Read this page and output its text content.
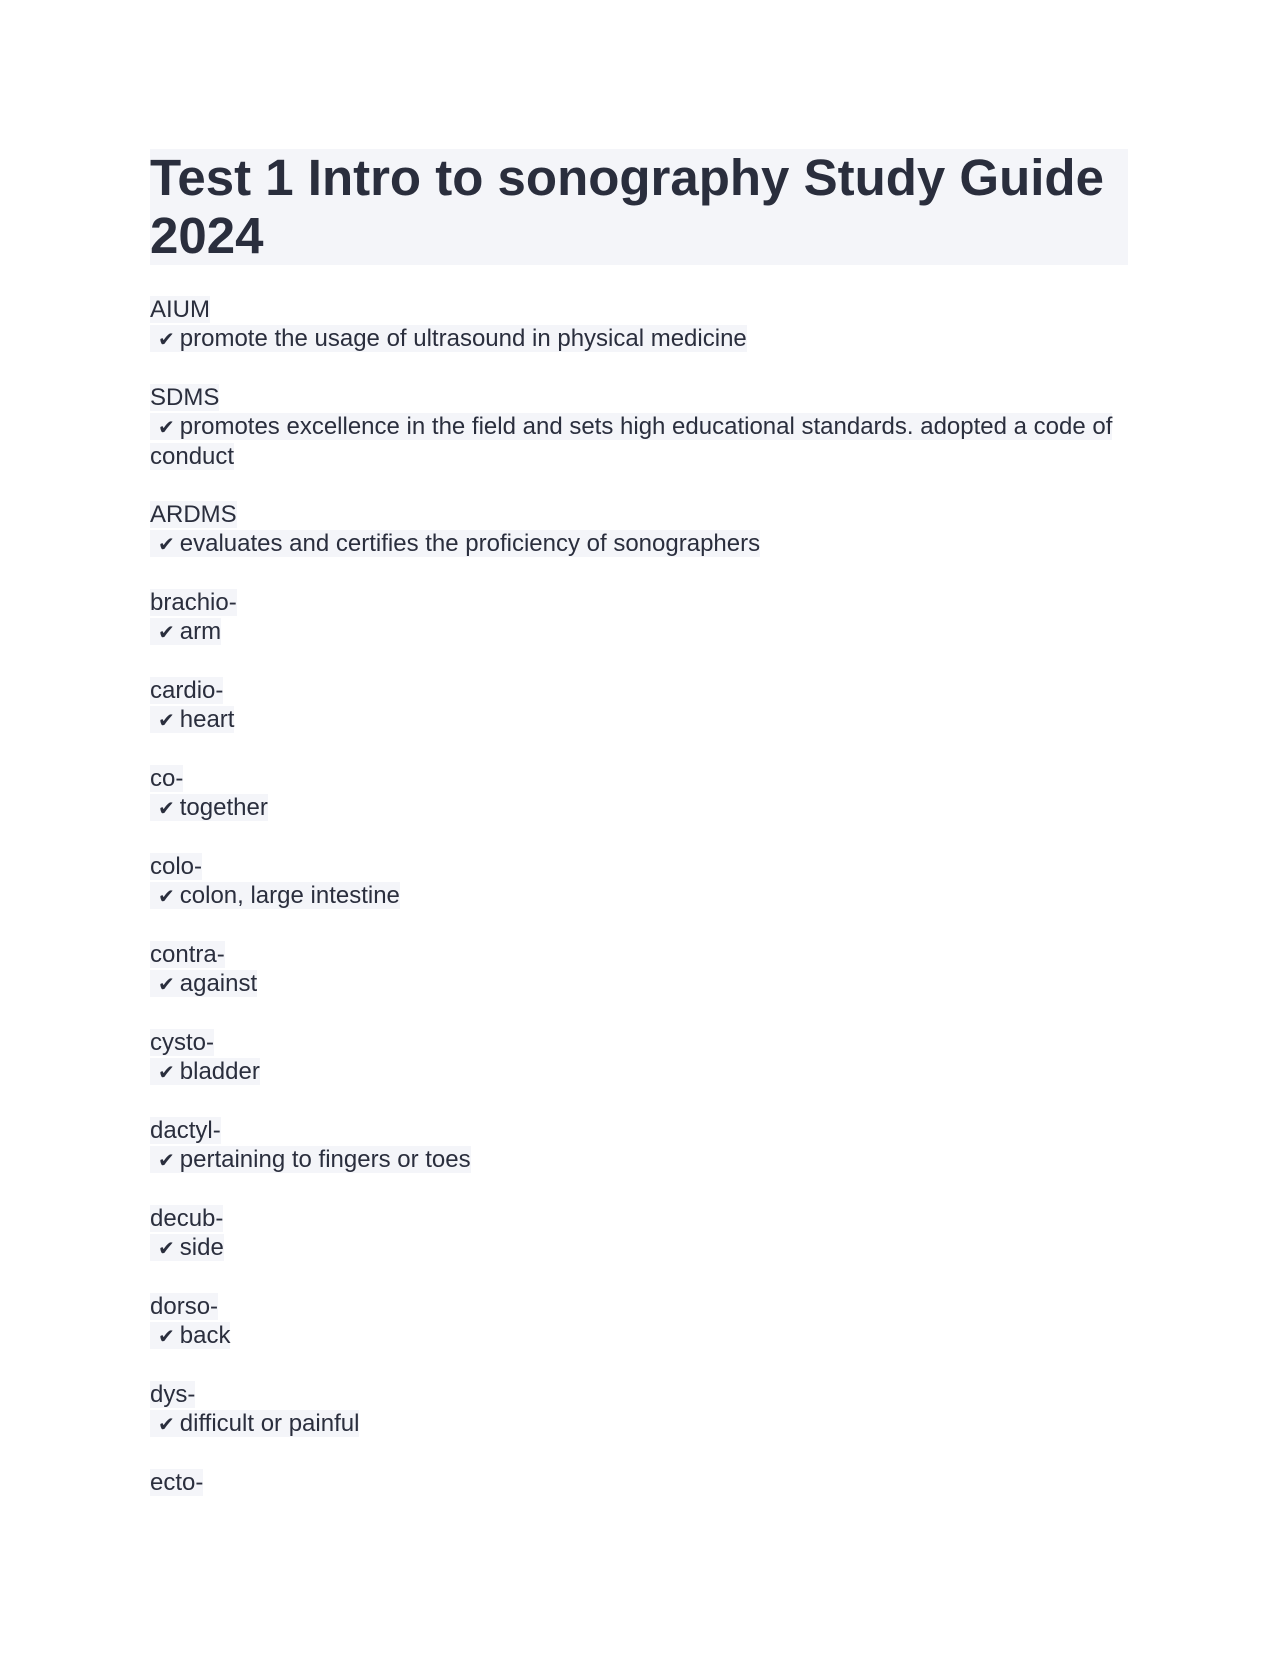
Test 1 Intro to sonography Study Guide 2024
AIUM
✔ promote the usage of ultrasound in physical medicine
SDMS
✔ promotes excellence in the field and sets high educational standards. adopted a code of conduct
ARDMS
✔ evaluates and certifies the proficiency of sonographers
brachio-
✔ arm
cardio-
✔ heart
co-
✔ together
colo-
✔ colon, large intestine
contra-
✔ against
cysto-
✔ bladder
dactyl-
✔ pertaining to fingers or toes
decub-
✔ side
dorso-
✔ back
dys-
✔ difficult or painful
ecto-
